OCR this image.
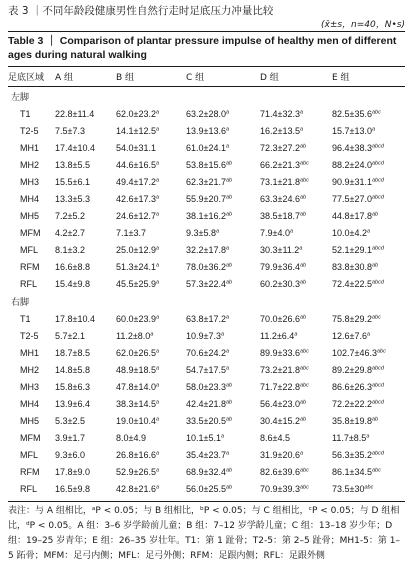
表 3 ｜不同年龄段健康男性自然行走时足底压力冲量比较
(x̄±s，n=40，N•s)
Table 3 ｜ Comparison of plantar pressure impulse of healthy men of different ages during natural walking
足底区域	A 组	B 组	C 组	D 组	E 组
左脚					
T1	22.8±11.4	62.0±23.2$^a$	63.2±28.0$^a$	71.4±32.3$^a$	82.5±35.6$^{abc}$
T2-5	7.5±7.3	14.1±12.5$^a$	13.9±13.6$^a$	16.2±13.5$^a$	15.7±13.0$^a$
MH1	17.4±10.4	54.0±31.1	61.0±24.1$^a$	72.3±27.2$^{ab}$	$96.4\pm 38.3^{abcd}$
MH2	13.8±5.5	44.6±16.5$^a$	53.8±15.6$^{ab}$	66.2±21.3$^{abc}$	$88.2\pm 24.0^{abcd}$
MH3	15.5±6.1	49.4±17.2$^a$	62.3±21.7$^{ab}$	73.1±21.8$^{abc}$	$90.9\pm 31.1^{abcd}$
MH4	13.3±5.3	42.6±17.3$^a$	55.9±20.7$^{ab}$	63.3±24.6$^{ab}$	$77.5\pm 27.0^{abcd}$
MH5	7.2±5.2	24.6±12.7$^a$	38.1±16.2$^{ab}$	38.5±18.7$^{ab}$	44.8±17.8$^{ab}$
MFM	4.2±2.7	7.1±3.7	9.3±5.8$^a$	7.9±4.0$^a$	10.0±4.2$^a$
MFL	8.1±3.2	25.0±12.9$^a$	32.2±17.8$^a$	30.3±11.2$^a$	$52.1\pm 29.1^{abcd}$
RFM	16.6±8.8	51.3±24.1$^a$	78.0±36.2$^{ab}$	79.9±36.4$^{ab}$	83.8±30.8$^{ab}$
RFL	15.4±9.8	45.5±25.9$^a$	57.3±22.4$^{ab}$	60.2±30.3$^{ab}$	$72.4\pm 22.5^{abcd}$
右脚					
T1	17.8±10.4	60.0±23.9$^a$	63.8±17.2$^a$	70.0±26.6$^{ab}$	75.8±29.2$^{abc}$
T2-5	5.7±2.1	11.2±8.0$^a$	10.9±7.3$^a$	11.2±6.4$^a$	12.6±7.6$^a$
MH1	18.7±8.5	62.0±26.5$^a$	70.6±24.2$^a$	89.9±33.6$^{abc}$	102.7±46.3$^{abc}$
MH2	14.8±5.8	48.9±18.5$^a$	54.7±17.5$^a$	73.2±21.8$^{abc}$	$89.2\pm 29.8^{abcd}$
MH3	15.8±6.3	47.8±14.0$^a$	58.0±23.3$^{ab}$	71.7±22.8$^{abc}$	$86.6\pm 26.3^{abcd}$
MH4	13.9±6.4	38.3±14.5$^a$	42.4±21.8$^{ab}$	56.4±23.0$^{ab}$	$72.2\pm 22.2^{abcd}$
MH5	5.3±2.5	19.0±10.4$^a$	33.5±20.5$^{ab}$	30.4±15.2$^{ab}$	35.8±19.8$^{ab}$
MFM	3.9±1.7	8.0±4.9	10.1±5.1$^a$	8.6±4.5	11.7±8.5$^a$
MFL	9.3±6.0	26.8±16.6$^a$	35.4±23.7$^a$	31.9±20.6$^a$	$56.3\pm 35.2^{abcd}$
RFM	17.8±9.0	52.9±26.5$^a$	68.9±32.4$^{ab}$	82.6±39.6$^{abc}$	86.1±34.5$^{abc}$
RFL	16.5±9.8	42.8±21.6$^a$	56.0±25.5$^{ab}$	70.9±39.3$^{abc}$	$73.5\pm 30^{abc}$
表注：与 A 组相比，ᵃP < 0.05；与 B 组相比，ᵇP < 0.05；与 C 组相比，ᶜP < 0.05；与 D 组相比，ᵈP < 0.05。A 组：3–6 岁学龄前儿童；B 组：7–12 岁学龄儿童；C 组：13–18 岁少年；D 组：19–25 岁青年；E 组：26–35 岁壮年。T1：第 1 趾骨；T2-5：第 2–5 趾骨；MH1-5：第 1–5 跖骨；MFM：足弓内侧；MFL：足弓外侧；RFM：足跟内侧；RFL：足跟外侧
